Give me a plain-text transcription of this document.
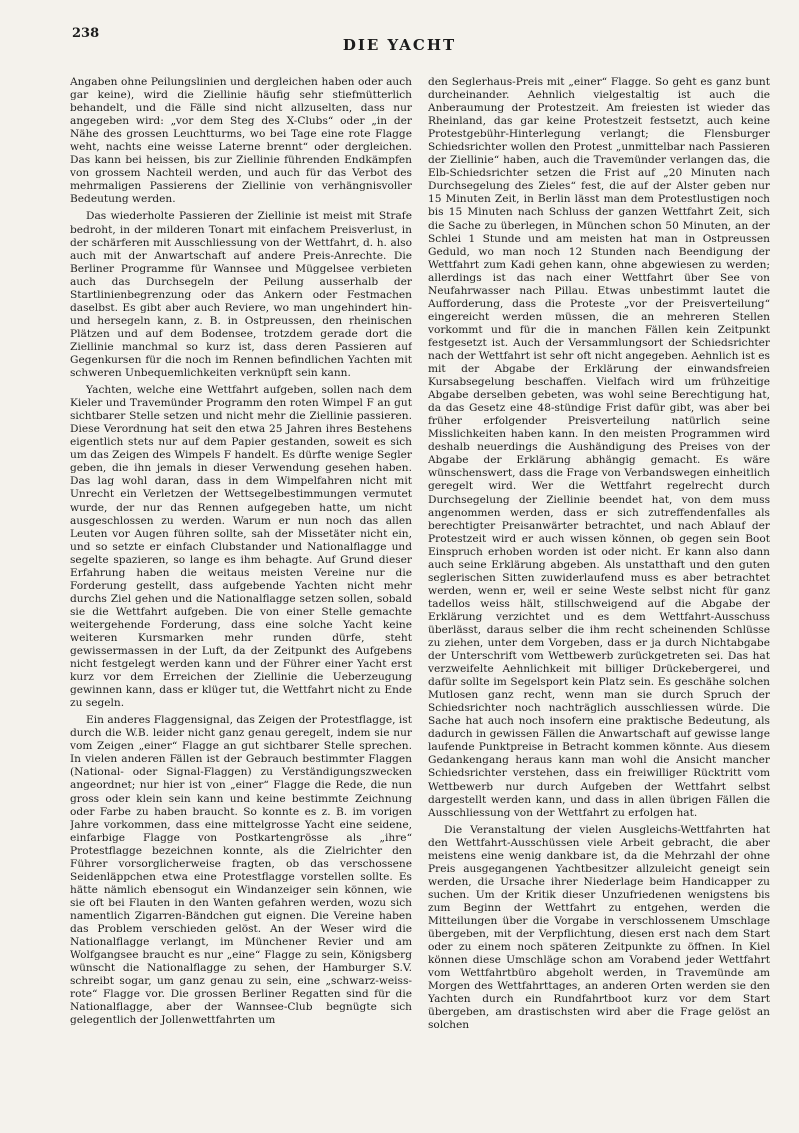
238
DIE YACHT

Angaben ohne Peilungslinien und dergleichen haben oder auch gar keine), wird die Ziellinie häufig sehr stiefmütterlich behandelt, und die Fälle sind nicht allzuselten, dass nur angegeben wird: „vor dem Steg des X-Clubs“ oder „in der Nähe des grossen Leuchtturms, wo bei Tage eine rote Flagge weht, nachts eine weisse Laterne brennt“ oder dergleichen. Das kann bei heissen, bis zur Ziellinie führenden Endkämpfen von grossem Nachteil werden, und auch für das Verbot des mehrmaligen Passierens der Ziellinie von verhängnisvoller Bedeutung werden.

Das wiederholte Passieren der Ziellinie ist meist mit Strafe bedroht, in der milderen Tonart mit einfachem Preisverlust, in der schärferen mit Ausschliessung von der Wettfahrt, d. h. also auch mit der Anwartschaft auf andere Preis-Anrechte. Die Berliner Programme für Wannsee und Müggelsee verbieten auch das Durchsegeln der Peilung ausserhalb der Startlinienbegrenzung oder das Ankern oder Festmachen daselbst. Es gibt aber auch Reviere, wo man ungehindert hin- und hersegeln kann, z. B. in Ostpreussen, den rheinischen Plätzen und auf dem Bodensee, trotzdem gerade dort die Ziellinie manchmal so kurz ist, dass deren Passieren auf Gegenkursen für die noch im Rennen befindlichen Yachten mit schweren Unbequemlichkeiten verknüpft sein kann.

Yachten, welche eine Wettfahrt aufgeben, sollen nach dem Kieler und Travemünder Programm den roten Wimpel F an gut sichtbarer Stelle setzen und nicht mehr die Ziellinie passieren. Diese Verordnung hat seit den etwa 25 Jahren ihres Bestehens eigentlich stets nur auf dem Papier gestanden, soweit es sich um das Zeigen des Wimpels F handelt. Es dürfte wenige Segler geben, die ihn jemals in dieser Verwendung gesehen haben. Das lag wohl daran, dass in dem Wimpelfahren nicht mit Unrecht ein Verletzen der Wettsegelbestimmungen vermutet wurde, der nur das Rennen aufgegeben hatte, um nicht ausgeschlossen zu werden. Warum er nun noch das allen Leuten vor Augen führen sollte, sah der Missetäter nicht ein, und so setzte er einfach Clubstander und Nationalflagge und segelte spazieren, so lange es ihm behagte. Auf Grund dieser Erfahrung haben die weitaus meisten Vereine nur die Forderung gestellt, dass aufgebende Yachten nicht mehr durchs Ziel gehen und die Nationalflagge setzen sollen, sobald sie die Wettfahrt aufgeben. Die von einer Stelle gemachte weitergehende Forderung, dass eine solche Yacht keine weiteren Kursmarken mehr runden dürfe, steht gewissermassen in der Luft, da der Zeitpunkt des Aufgebens nicht festgelegt werden kann und der Führer einer Yacht erst kurz vor dem Erreichen der Ziellinie die Ueberzeugung gewinnen kann, dass er klüger tut, die Wettfahrt nicht zu Ende zu segeln.

Ein anderes Flaggensignal, das Zeigen der Protestflagge, ist durch die W.B. leider nicht ganz genau geregelt, indem sie nur vom Zeigen „einer“ Flagge an gut sichtbarer Stelle sprechen. In vielen anderen Fällen ist der Gebrauch bestimmter Flaggen (National- oder Signal-Flaggen) zu Verständigungszwecken angeordnet; nur hier ist von „einer“ Flagge die Rede, die nun gross oder klein sein kann und keine bestimmte Zeichnung oder Farbe zu haben braucht. So konnte es z. B. im vorigen Jahre vorkommen, dass eine mittelgrosse Yacht eine seidene, einfarbige Flagge von Postkartengrösse als „ihre“ Protestflagge bezeichnen konnte, als die Zielrichter den Führer vorsorglicherweise fragten, ob das verschossene Seidenläppchen etwa eine Protestflagge vorstellen sollte. Es hätte nämlich ebensogut ein Windanzeiger sein können, wie sie oft bei Flauten in den Wanten gefahren werden, wozu sich namentlich Zigarren-Bändchen gut eignen. Die Vereine haben das Problem verschieden gelöst. An der Weser wird die Nationalflagge verlangt, im Münchener Revier und am Wolfgangsee braucht es nur „eine“ Flagge zu sein, Königsberg wünscht die Nationalflagge zu sehen, der Hamburger S.V. schreibt sogar, um ganz genau zu sein, eine „schwarz-weiss-rote“ Flagge vor. Die grossen Berliner Regatten sind für die Nationalflagge, aber der Wannsee-Club begnügte sich gelegentlich der Jollenwettfahrten um

den Seglerhaus-Preis mit „einer“ Flagge. So geht es ganz bunt durcheinander. Aehnlich vielgestaltig ist auch die Anberaumung der Protestzeit. Am freiesten ist wieder das Rheinland, das gar keine Protestzeit festsetzt, auch keine Protestgebühr-Hinterlegung verlangt; die Flensburger Schiedsrichter wollen den Protest „unmittelbar nach Passieren der Ziellinie“ haben, auch die Travemünder verlangen das, die Elb-Schiedsrichter setzen die Frist auf „20 Minuten nach Durchsegelung des Zieles“ fest, die auf der Alster geben nur 15 Minuten Zeit, in Berlin lässt man dem Protestlustigen noch bis 15 Minuten nach Schluss der ganzen Wettfahrt Zeit, sich die Sache zu überlegen, in München schon 50 Minuten, an der Schlei 1 Stunde und am meisten hat man in Ostpreussen Geduld, wo man noch 12 Stunden nach Beendigung der Wettfahrt zum Kadi gehen kann, ohne abgewiesen zu werden; allerdings ist das nach einer Wettfahrt über See von Neufahrwasser nach Pillau. Etwas unbestimmt lautet die Aufforderung, dass die Proteste „vor der Preisverteilung“ eingereicht werden müssen, die an mehreren Stellen vorkommt und für die in manchen Fällen kein Zeitpunkt festgesetzt ist. Auch der Versammlungsort der Schiedsrichter nach der Wettfahrt ist sehr oft nicht angegeben. Aehnlich ist es mit der Abgabe der Erklärung der einwandsfreien Kursabsegelung beschaffen. Vielfach wird um frühzeitige Abgabe derselben gebeten, was wohl seine Berechtigung hat, da das Gesetz eine 48-stündige Frist dafür gibt, was aber bei früher erfolgender Preisverteilung natürlich seine Misslichkeiten haben kann. In den meisten Programmen wird deshalb neuerdings die Aushändigung des Preises von der Abgabe der Erklärung abhängig gemacht. Es wäre wünschenswert, dass die Frage von Verbandswegen einheitlich geregelt wird. Wer die Wettfahrt regelrecht durch Durchsegelung der Ziellinie beendet hat, von dem muss angenommen werden, dass er sich zutreffendenfalles als berechtigter Preisanwärter betrachtet, und nach Ablauf der Protestzeit wird er auch wissen können, ob gegen sein Boot Einspruch erhoben worden ist oder nicht. Er kann also dann auch seine Erklärung abgeben. Als unstatthaft und den guten seglerischen Sitten zuwiderlaufend muss es aber betrachtet werden, wenn er, weil er seine Weste selbst nicht für ganz tadellos weiss hält, stillschweigend auf die Abgabe der Erklärung verzichtet und es dem Wettfahrt-Ausschuss überlässt, daraus selber die ihm recht scheinenden Schlüsse zu ziehen, unter dem Vorgeben, dass er ja durch Nichtabgabe der Unterschrift vom Wettbewerb zurückgetreten sei. Das hat verzweifelte Aehnlichkeit mit billiger Drückebergerei, und dafür sollte im Segelsport kein Platz sein. Es geschähe solchen Mutlosen ganz recht, wenn man sie durch Spruch der Schiedsrichter noch nachträglich ausschliessen würde. Die Sache hat auch noch insofern eine praktische Bedeutung, als dadurch in gewissen Fällen die Anwartschaft auf gewisse lange laufende Punktpreise in Betracht kommen könnte. Aus diesem Gedankengang heraus kann man wohl die Ansicht mancher Schiedsrichter verstehen, dass ein freiwilliger Rücktritt vom Wettbewerb nur durch Aufgeben der Wettfahrt selbst dargestellt werden kann, und dass in allen übrigen Fällen die Ausschliessung von der Wettfahrt zu erfolgen hat.

Die Veranstaltung der vielen Ausgleichs-Wettfahrten hat den Wettfahrt-Ausschüssen viele Arbeit gebracht, die aber meistens eine wenig dankbare ist, da die Mehrzahl der ohne Preis ausgegangenen Yachtbesitzer allzuleicht geneigt sein werden, die Ursache ihrer Niederlage beim Handicapper zu suchen. Um der Kritik dieser Unzufriedenen wenigstens bis zum Beginn der Wettfahrt zu entgehen, werden die Mitteilungen über die Vorgabe in verschlossenem Umschlage übergeben, mit der Verpflichtung, diesen erst nach dem Start oder zu einem noch späteren Zeitpunkte zu öffnen. In Kiel können diese Umschläge schon am Vorabend jeder Wettfahrt vom Wettfahrtbüro abgeholt werden, in Travemünde am Morgen des Wettfahrttages, an anderen Orten werden sie den Yachten durch ein Rundfahrtboot kurz vor dem Start übergeben, am drastischsten wird aber die Frage gelöst an solchen
